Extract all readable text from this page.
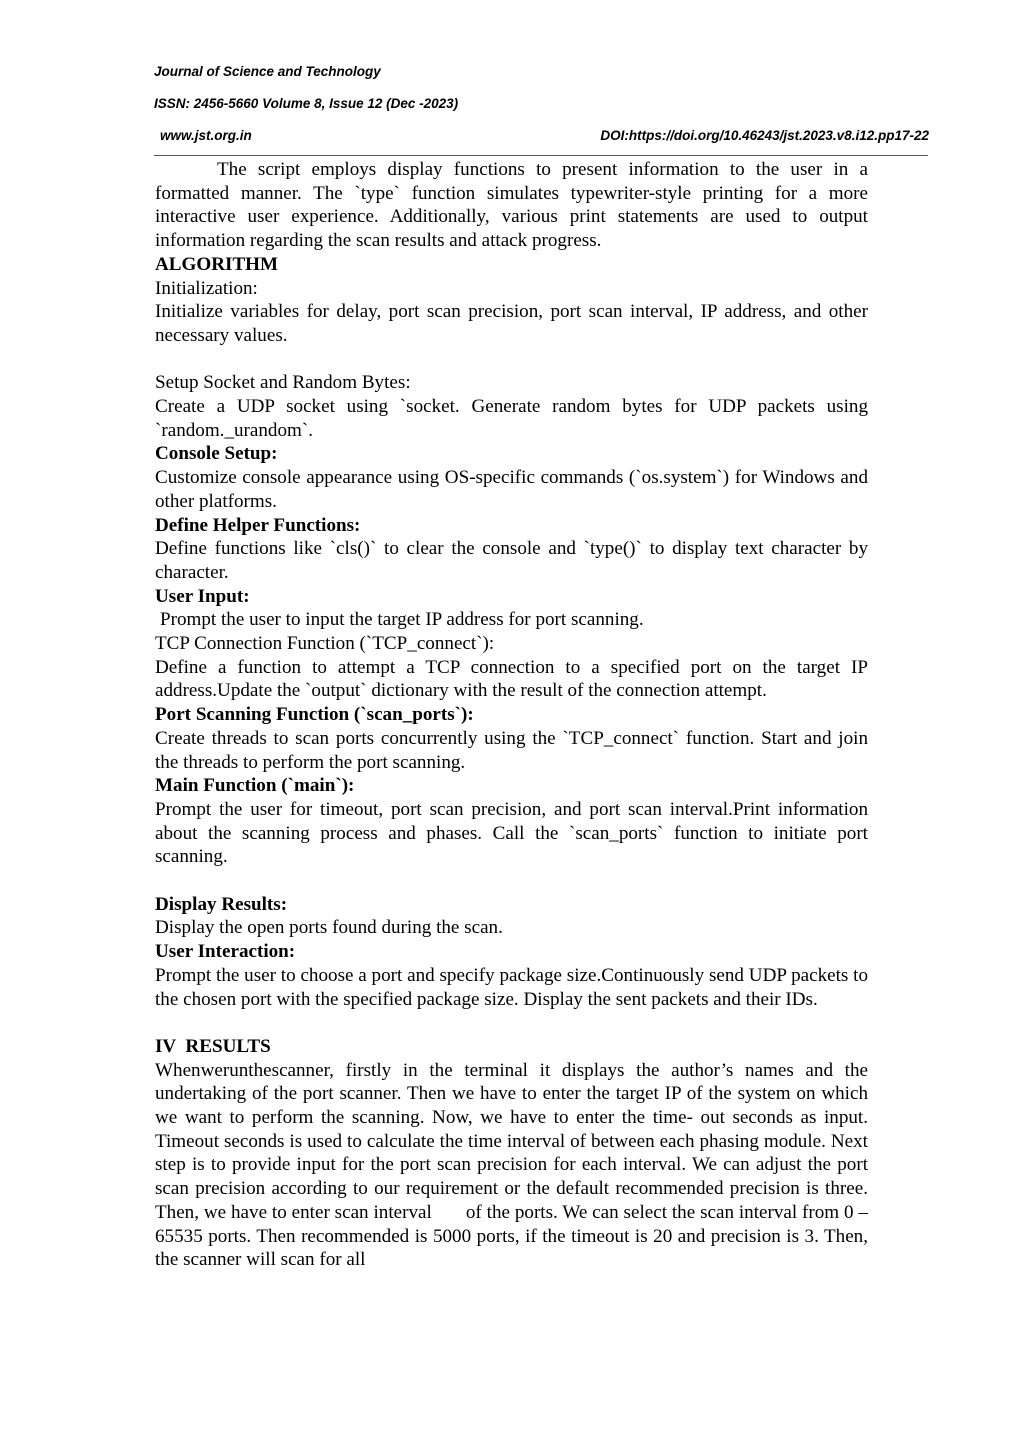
Journal of Science and Technology
ISSN: 2456-5660 Volume 8, Issue 12 (Dec -2023)
www.jst.org.in	DOI:https://doi.org/10.46243/jst.2023.v8.i12.pp17-22

The script employs display functions to present information to the user in a formatted manner. The `type` function simulates typewriter-style printing for a more interactive user experience. Additionally, various print statements are used to output information regarding the scan results and attack progress.

ALGORITHM

Initialization:

Initialize variables for delay, port scan precision, port scan interval, IP address, and other necessary values.

Setup Socket and Random Bytes:

Create a UDP socket using `socket. Generate random bytes for UDP packets using `random._urandom`.

Console Setup:

Customize console appearance using OS-specific commands (`os.system`) for Windows and other platforms.

Define Helper Functions:

Define functions like `cls()` to clear the console and `type()` to display text character by character.

User Input:

Prompt the user to input the target IP address for port scanning.

TCP Connection Function (`TCP_connect`):

Define a function to attempt a TCP connection to a specified port on the target IP address.Update the `output` dictionary with the result of the connection attempt.

Port Scanning Function (`scan_ports`):

Create threads to scan ports concurrently using the `TCP_connect` function. Start and join the threads to perform the port scanning.

Main Function (`main`):

Prompt the user for timeout, port scan precision, and port scan interval.Print information about the scanning process and phases. Call the `scan_ports` function to initiate port scanning.

Display Results:

Display the open ports found during the scan.

User Interaction:

Prompt the user to choose a port and specify package size.Continuously send UDP packets to the chosen port with the specified package size. Display the sent packets and their IDs.

IV  RESULTS

Whenwerunthescanner, firstly in the terminal it displays the author’s names and the undertaking of the port scanner. Then we have to enter the target IP of the system on which we want to perform the scanning. Now, we have to enter the time- out seconds as input. Timeout seconds is used to calculate the time interval of between each phasing module. Next step is to provide input for the port scan precision for each interval. We can adjust the port scan precision according to our requirement or the default recommended precision is three.  Then, we have to enter scan interval       of the ports. We can select the scan interval from 0 – 65535 ports. Then recommended is 5000 ports, if the timeout is 20 and precision is 3. Then, the scanner will scan for all
